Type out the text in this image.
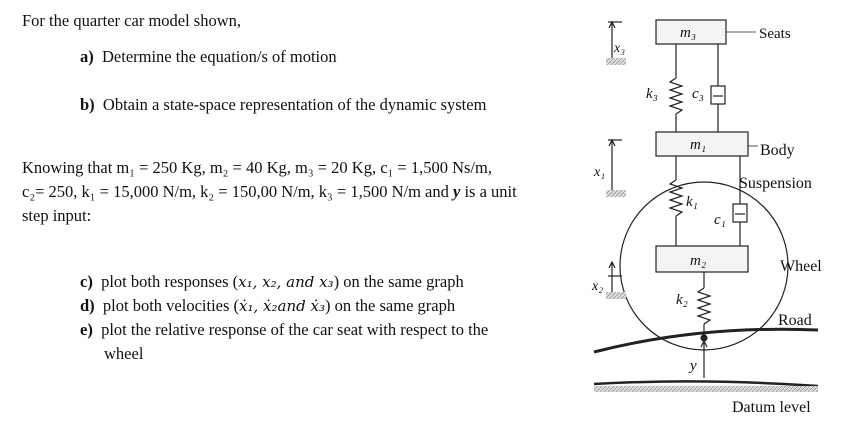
For the quarter car model shown,
a) Determine the equation/s of motion
b) Obtain a state-space representation of the dynamic system
Knowing that m₁ = 250 Kg, m₂ = 40 Kg, m₃ = 20 Kg, c₁ = 1,500 Ns/m,
c₂= 250, k₁ = 15,000 N/m, k₂ = 150,00 N/m, k₃ = 1,500 N/m and y is a unit
step input:
c) plot both responses (x₁, x₂, and x₃) on the same graph
d) plot both velocities (ẋ₁, ẋ₂and ẋ₃) on the same graph
e) plot the relative response of the car seat with respect to the
wheel
m₃
m₁
m₂
k₃ c₃
k₁
c₁
k₂
x₃
x₁
x₂
y
Seats
Body
Suspension
Wheel
Road
Datum level
